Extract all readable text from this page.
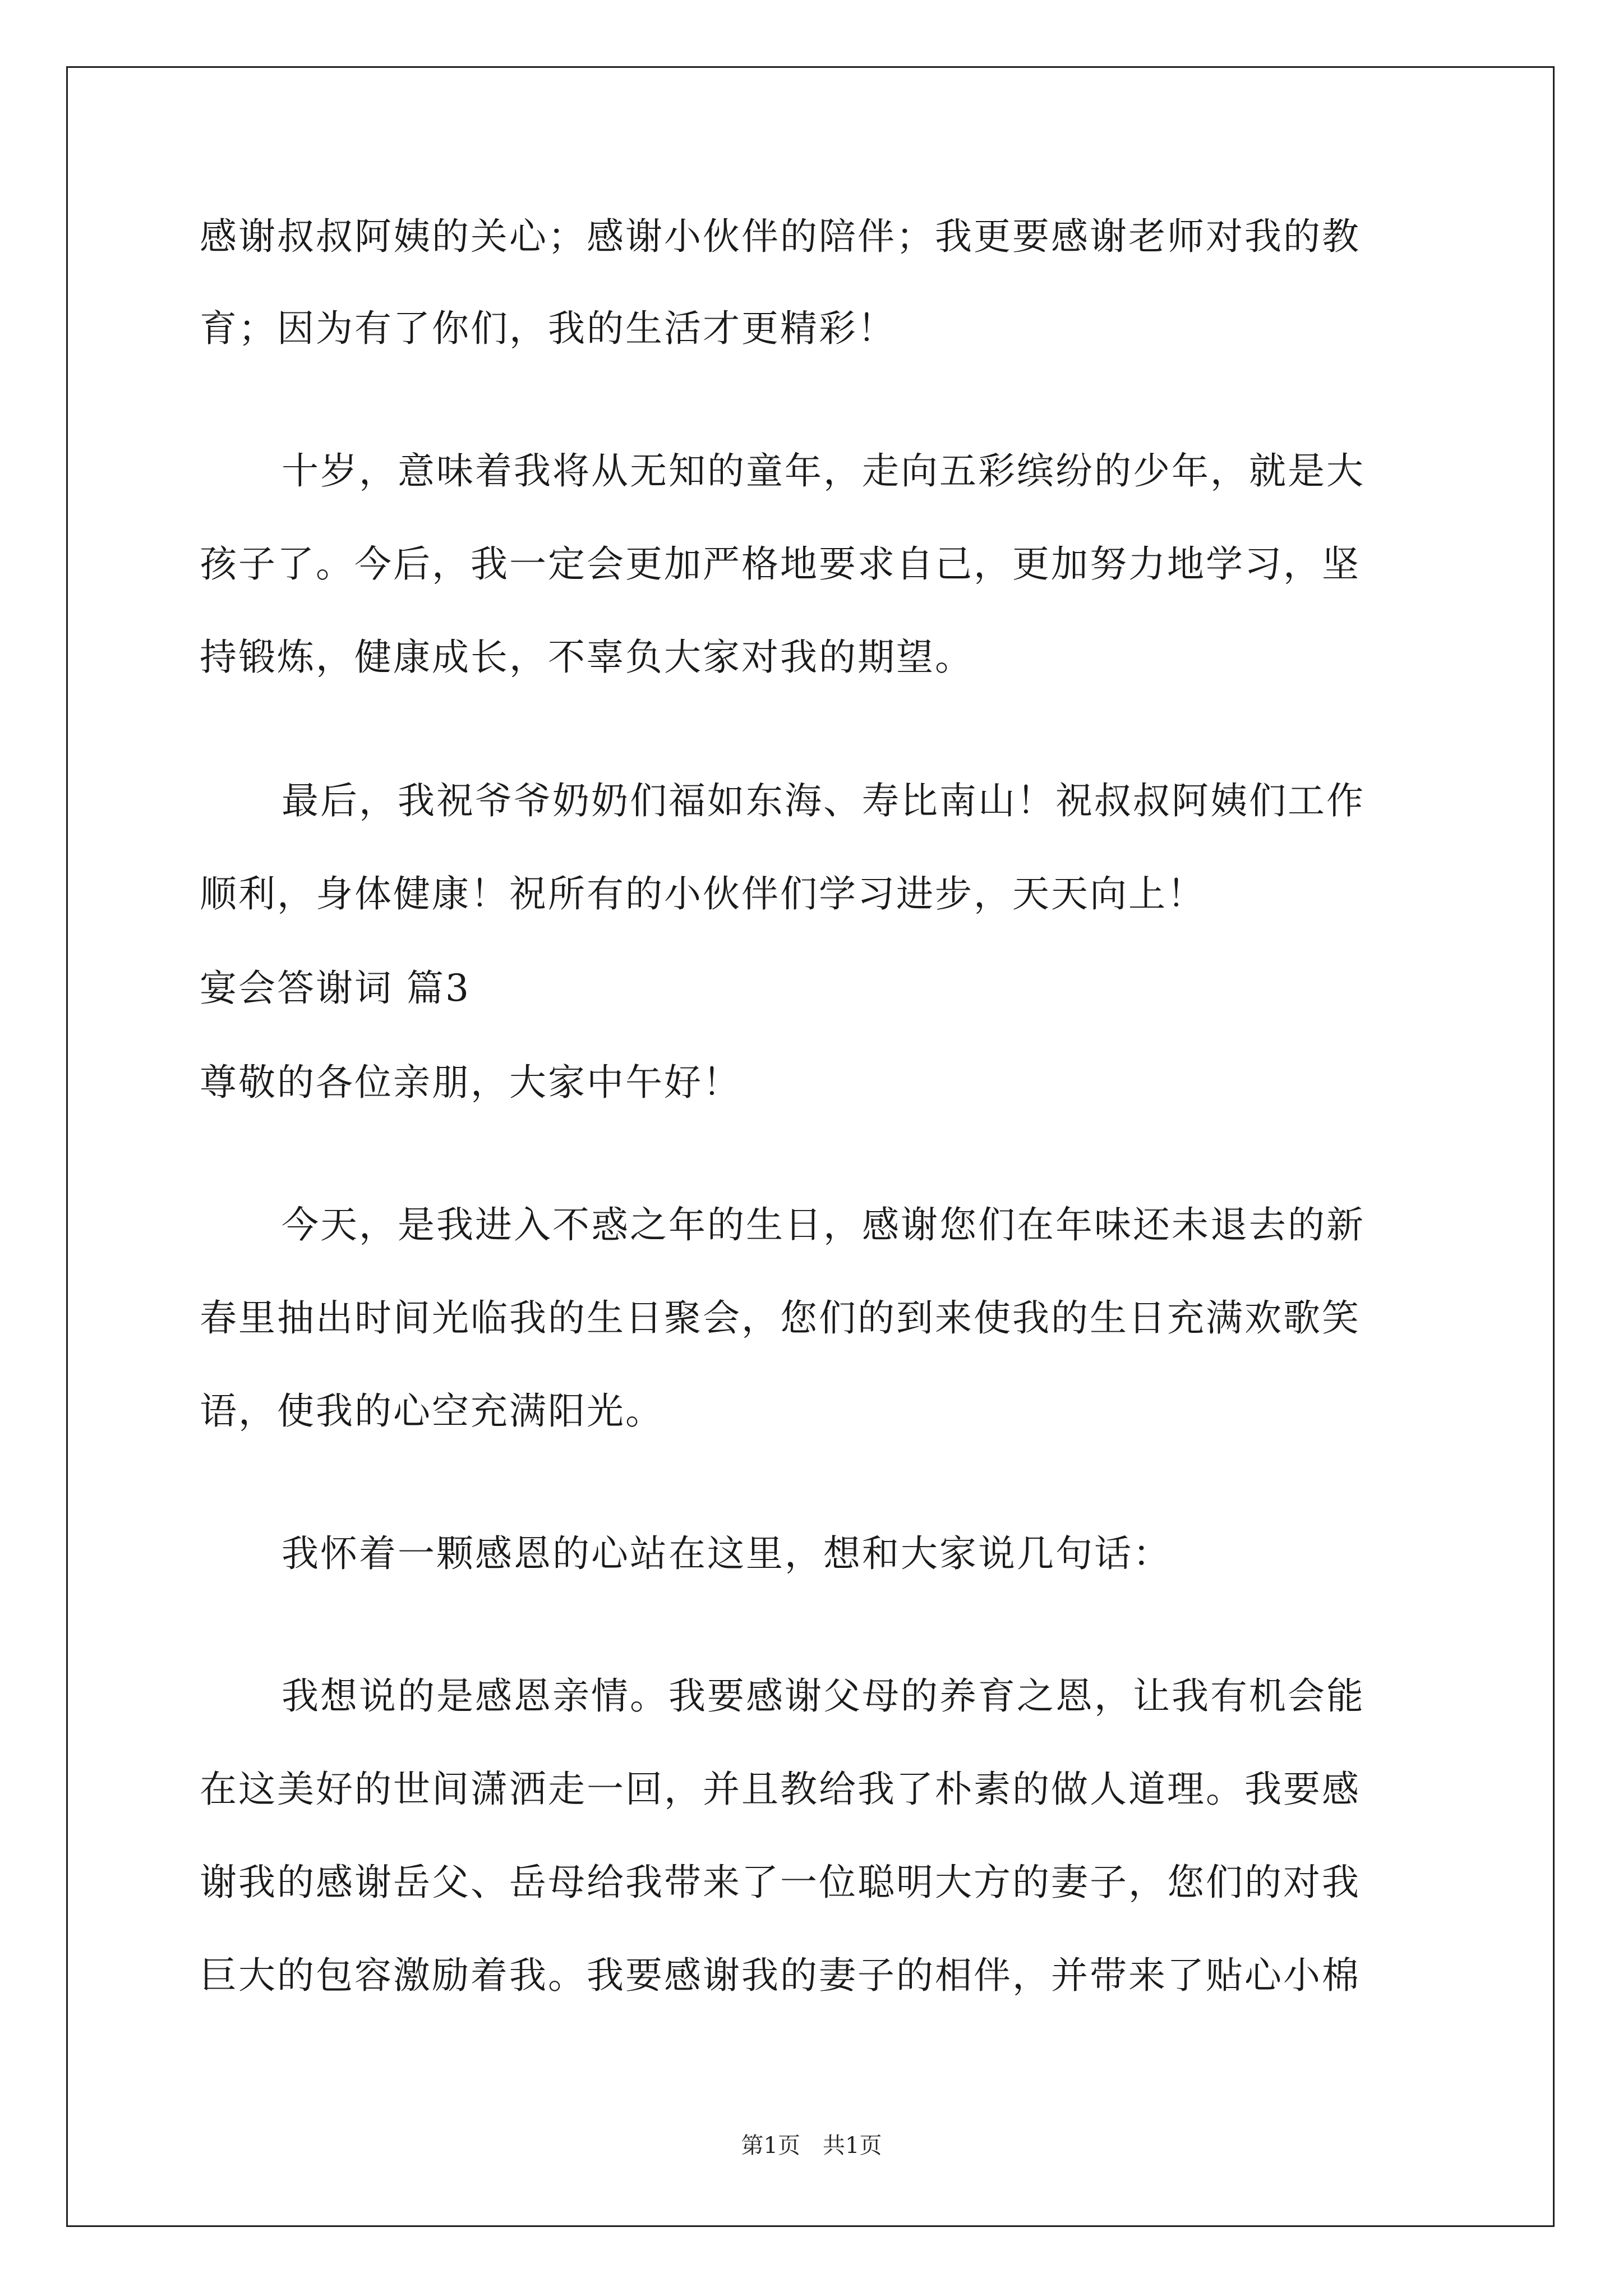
感谢叔叔阿姨的关心；感谢小伙伴的陪伴；我更要感谢老师对我的教
育；因为有了你们，我的生活才更精彩！
十岁，意味着我将从无知的童年，走向五彩缤纷的少年，就是大
孩子了。今后，我一定会更加严格地要求自己，更加努力地学习，坚
持锻炼，健康成长，不辜负大家对我的期望。
最后，我祝爷爷奶奶们福如东海、寿比南山！祝叔叔阿姨们工作
顺利，身体健康！祝所有的小伙伴们学习进步，天天向上！
宴会答谢词 篇3
尊敬的各位亲朋，大家中午好！
今天，是我进入不惑之年的生日，感谢您们在年味还未退去的新
春里抽出时间光临我的生日聚会，您们的到来使我的生日充满欢歌笑
语，使我的心空充满阳光。
我怀着一颗感恩的心站在这里，想和大家说几句话：
我想说的是感恩亲情。我要感谢父母的养育之恩，让我有机会能
在这美好的世间潇洒走一回，并且教给我了朴素的做人道理。我要感
谢我的感谢岳父、岳母给我带来了一位聪明大方的妻子，您们的对我
巨大的包容激励着我。我要感谢我的妻子的相伴，并带来了贴心小棉
第1页 共1页
